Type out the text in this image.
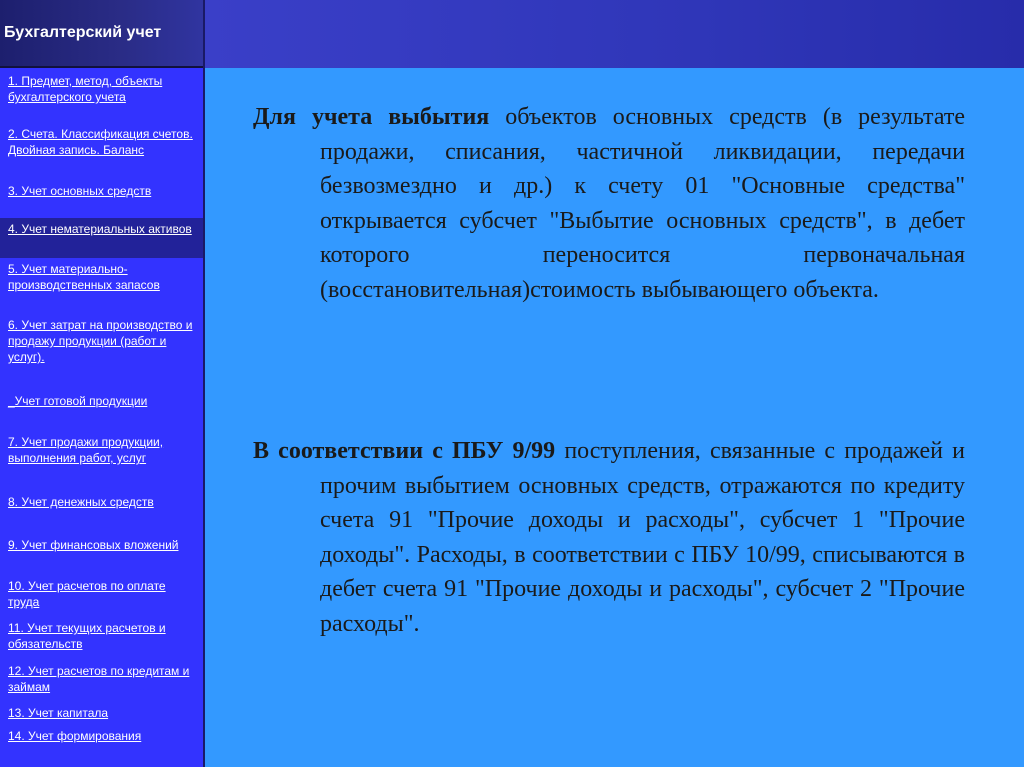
Бухгалтерский учет
1. Предмет, метод, объекты бухгалтерского учета
2. Счета. Классификация счетов. Двойная запись. Баланс
3. Учет основных средств
4. Учет нематериальных активов
5. Учет материально-производственных запасов
6. Учет затрат на производство и продажу продукции (работ и услуг).
_Учет готовой продукции
7. Учет продажи продукции, выполнения работ, услуг
8. Учет денежных средств
9. Учет финансовых вложений
10. Учет расчетов по оплате труда
11. Учет текущих расчетов и обязательств
12. Учет расчетов по кредитам и займам
13. Учет капитала
14. Учет формирования

Для учета выбытия объектов основных средств (в результате продажи, списания, частичной ликвидации, передачи безвозмездно и др.) к счету 01 "Основные средства" открывается субсчет "Выбытие основных средств", в дебет которого переносится первоначальная (восстановительная)стоимость выбывающего объекта.

В соответствии с ПБУ 9/99 поступления, связанные с продажей и прочим выбытием основных средств, отражаются по кредиту счета 91 "Прочие доходы и расходы", субсчет 1 "Прочие доходы". Расходы, в соответствии с ПБУ 10/99, списываются в дебет счета 91 "Прочие доходы и расходы", субсчет 2 "Прочие расходы".
